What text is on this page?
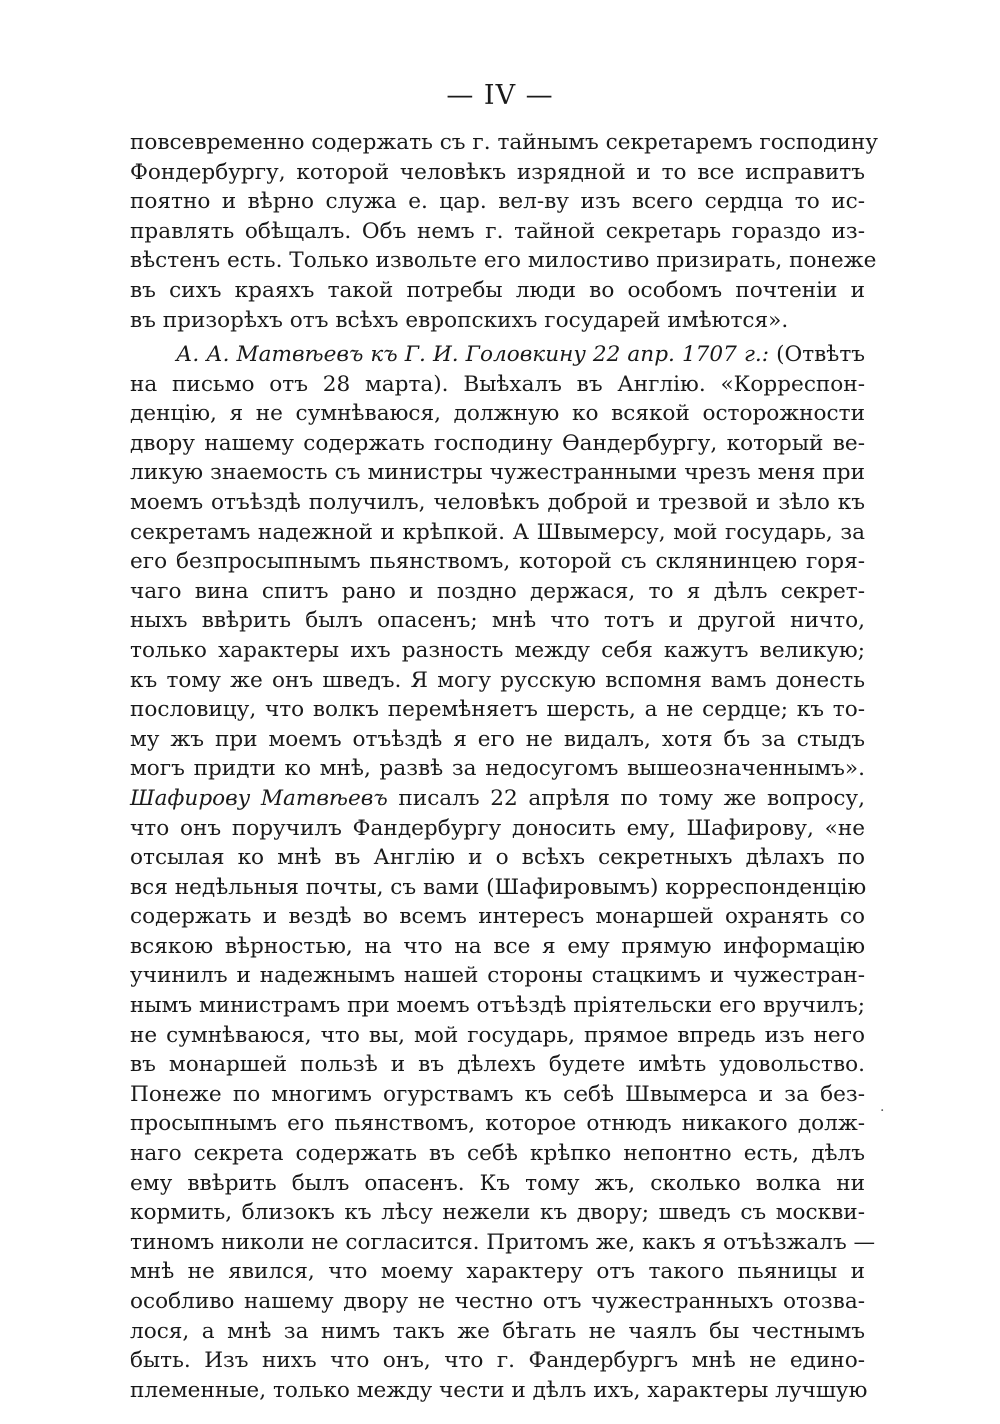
— IV —
повсевременно содержать съ г. тайнымъ секретаремъ господину
Фондербургу, которой человѣкъ изрядной и то все исправитъ
поятно и вѣрно служа е. цар. вел-ву изъ всего сердца то ис-
правлять обѣщалъ. Объ немъ г. тайной секретарь гораздо из-
вѣстенъ есть. Только извольте его милостиво призирать, понеже
въ сихъ краяхъ такой потребы люди во особомъ почтенiи и
въ призорѣхъ отъ всѣхъ европскихъ государей имѣются».
А. А. Матвѣевъ къ Г. И. Головкину 22 апр. 1707 г.: (Отвѣтъ
на письмо отъ 28 марта). Выѣхалъ въ Англiю. «Корреспон-
денцiю, я не сумнѣваюся, должную ко всякой осторожности
двору нашему содержать господину Ѳандербургу, который ве-
ликую знаемость съ министры чужестранными чрезъ меня при
моемъ отъѣздѣ получилъ, человѣкъ доброй и трезвой и зѣло къ
секретамъ надежной и крѣпкой. А Швымерсу, мой государь, за
его безпросыпнымъ пьянствомъ, которой съ склянинцею горя-
чаго вина спитъ рано и поздно держася, то я дѣлъ секрет-
ныхъ ввѣрить былъ опасенъ; мнѣ что тотъ и другой ничто,
только характеры ихъ разность между себя кажутъ великую;
къ тому же онъ шведъ. Я могу русскую вспомня вамъ донесть
пословицу, что волкъ перемѣняетъ шерсть, а не сердце; къ то-
му жъ при моемъ отъѣздѣ я его не видалъ, хотя бъ за стыдъ
могъ придти ко мнѣ, развѣ за недосугомъ вышеозначеннымъ».
Шафирову Матвѣевъ писалъ 22 апрѣля по тому же вопросу,
что онъ поручилъ Фандербургу доносить ему, Шафирову, «не
отсылая ко мнѣ въ Англiю и о всѣхъ секретныхъ дѣлахъ по
вся недѣльныя почты, съ вами (Шафировымъ) корреспонденцiю
содержать и вездѣ во всемъ интересъ монаршей охранять со
всякою вѣрностью, на что на все я ему прямую информацiю
учинилъ и надежнымъ нашей стороны стацкимъ и чужестран-
нымъ министрамъ при моемъ отъѣздѣ прiятельски его вручилъ;
не сумнѣваюся, что вы, мой государь, прямое впредь изъ него
въ монаршей пользѣ и въ дѣлехъ будете имѣть удовольство.
Понеже по многимъ огурствамъ къ себѣ Швымерса и за без-
просыпнымъ его пьянствомъ, которое отнюдъ никакого долж-
наго секрета содержать въ себѣ крѣпко непонтно есть, дѣлъ
ему ввѣрить былъ опасенъ. Къ тому жъ, сколько волка ни
кормить, близокъ къ лѣсу нежели къ двору; шведъ съ москви-
тиномъ николи не согласится. Притомъ же, какъ я отъѣзжалъ —
мнѣ не явился, что моему характеру отъ такого пьяницы и
особливо нашему двору не честно отъ чужестранныхъ отозва-
лося, а мнѣ за нимъ такъ же бѣгать не чаялъ бы честнымъ
быть. Изъ нихъ что онъ, что г. Фандербургъ мнѣ не едино-
племенные, только между чести и дѣлъ ихъ, характеры лучшую
·
